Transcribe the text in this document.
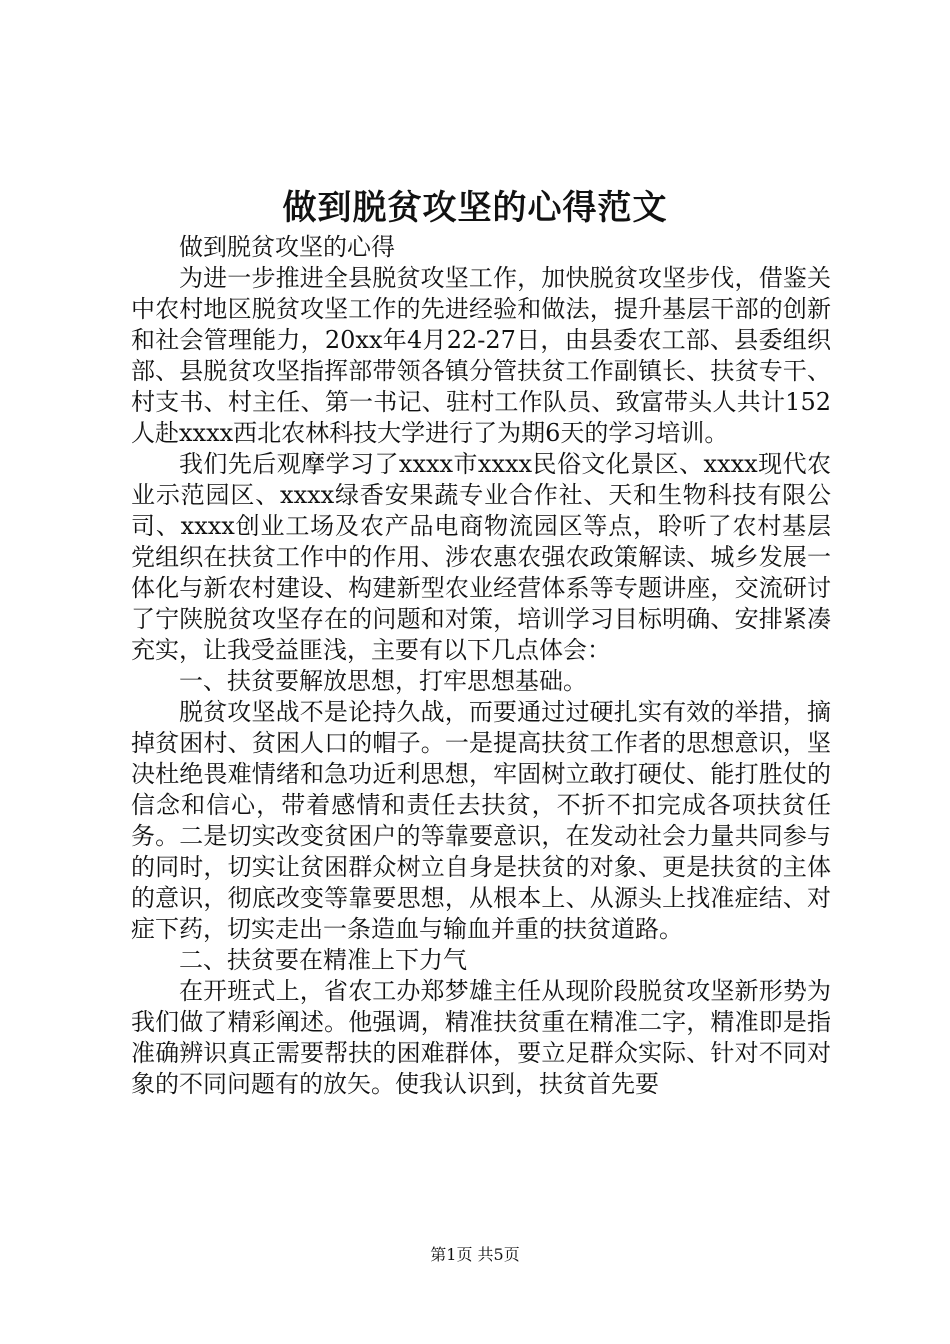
做到脱贫攻坚的心得范文

做到脱贫攻坚的心得

为进一步推进全县脱贫攻坚工作，加快脱贫攻坚步伐，借鉴关中农村地区脱贫攻坚工作的先进经验和做法，提升基层干部的创新和社会管理能力，20xx年4月22-27日，由县委农工部、县委组织部、县脱贫攻坚指挥部带领各镇分管扶贫工作副镇长、扶贫专干、村支书、村主任、第一书记、驻村工作队员、致富带头人共计152人赴xxxx西北农林科技大学进行了为期6天的学习培训。

我们先后观摩学习了xxxx市xxxx民俗文化景区、xxxx现代农业示范园区、xxxx绿香安果蔬专业合作社、天和生物科技有限公司、xxxx创业工场及农产品电商物流园区等点，聆听了农村基层党组织在扶贫工作中的作用、涉农惠农强农政策解读、城乡发展一体化与新农村建设、构建新型农业经营体系等专题讲座，交流研讨了宁陕脱贫攻坚存在的问题和对策，培训学习目标明确、安排紧凑充实，让我受益匪浅，主要有以下几点体会：

一、扶贫要解放思想，打牢思想基础。

脱贫攻坚战不是论持久战，而要通过过硬扎实有效的举措，摘掉贫困村、贫困人口的帽子。一是提高扶贫工作者的思想意识，坚决杜绝畏难情绪和急功近利思想，牢固树立敢打硬仗、能打胜仗的信念和信心，带着感情和责任去扶贫，不折不扣完成各项扶贫任务。二是切实改变贫困户的等靠要意识，在发动社会力量共同参与的同时，切实让贫困群众树立自身是扶贫的对象、更是扶贫的主体的意识，彻底改变等靠要思想，从根本上、从源头上找准症结、对症下药，切实走出一条造血与输血并重的扶贫道路。

二、扶贫要在精准上下力气

在开班式上，省农工办郑梦雄主任从现阶段脱贫攻坚新形势为我们做了精彩阐述。他强调，精准扶贫重在精准二字，精准即是指准确辨识真正需要帮扶的困难群体，要立足群众实际、针对不同对象的不同问题有的放矢。使我认识到，扶贫首先要

第1页 共5页
